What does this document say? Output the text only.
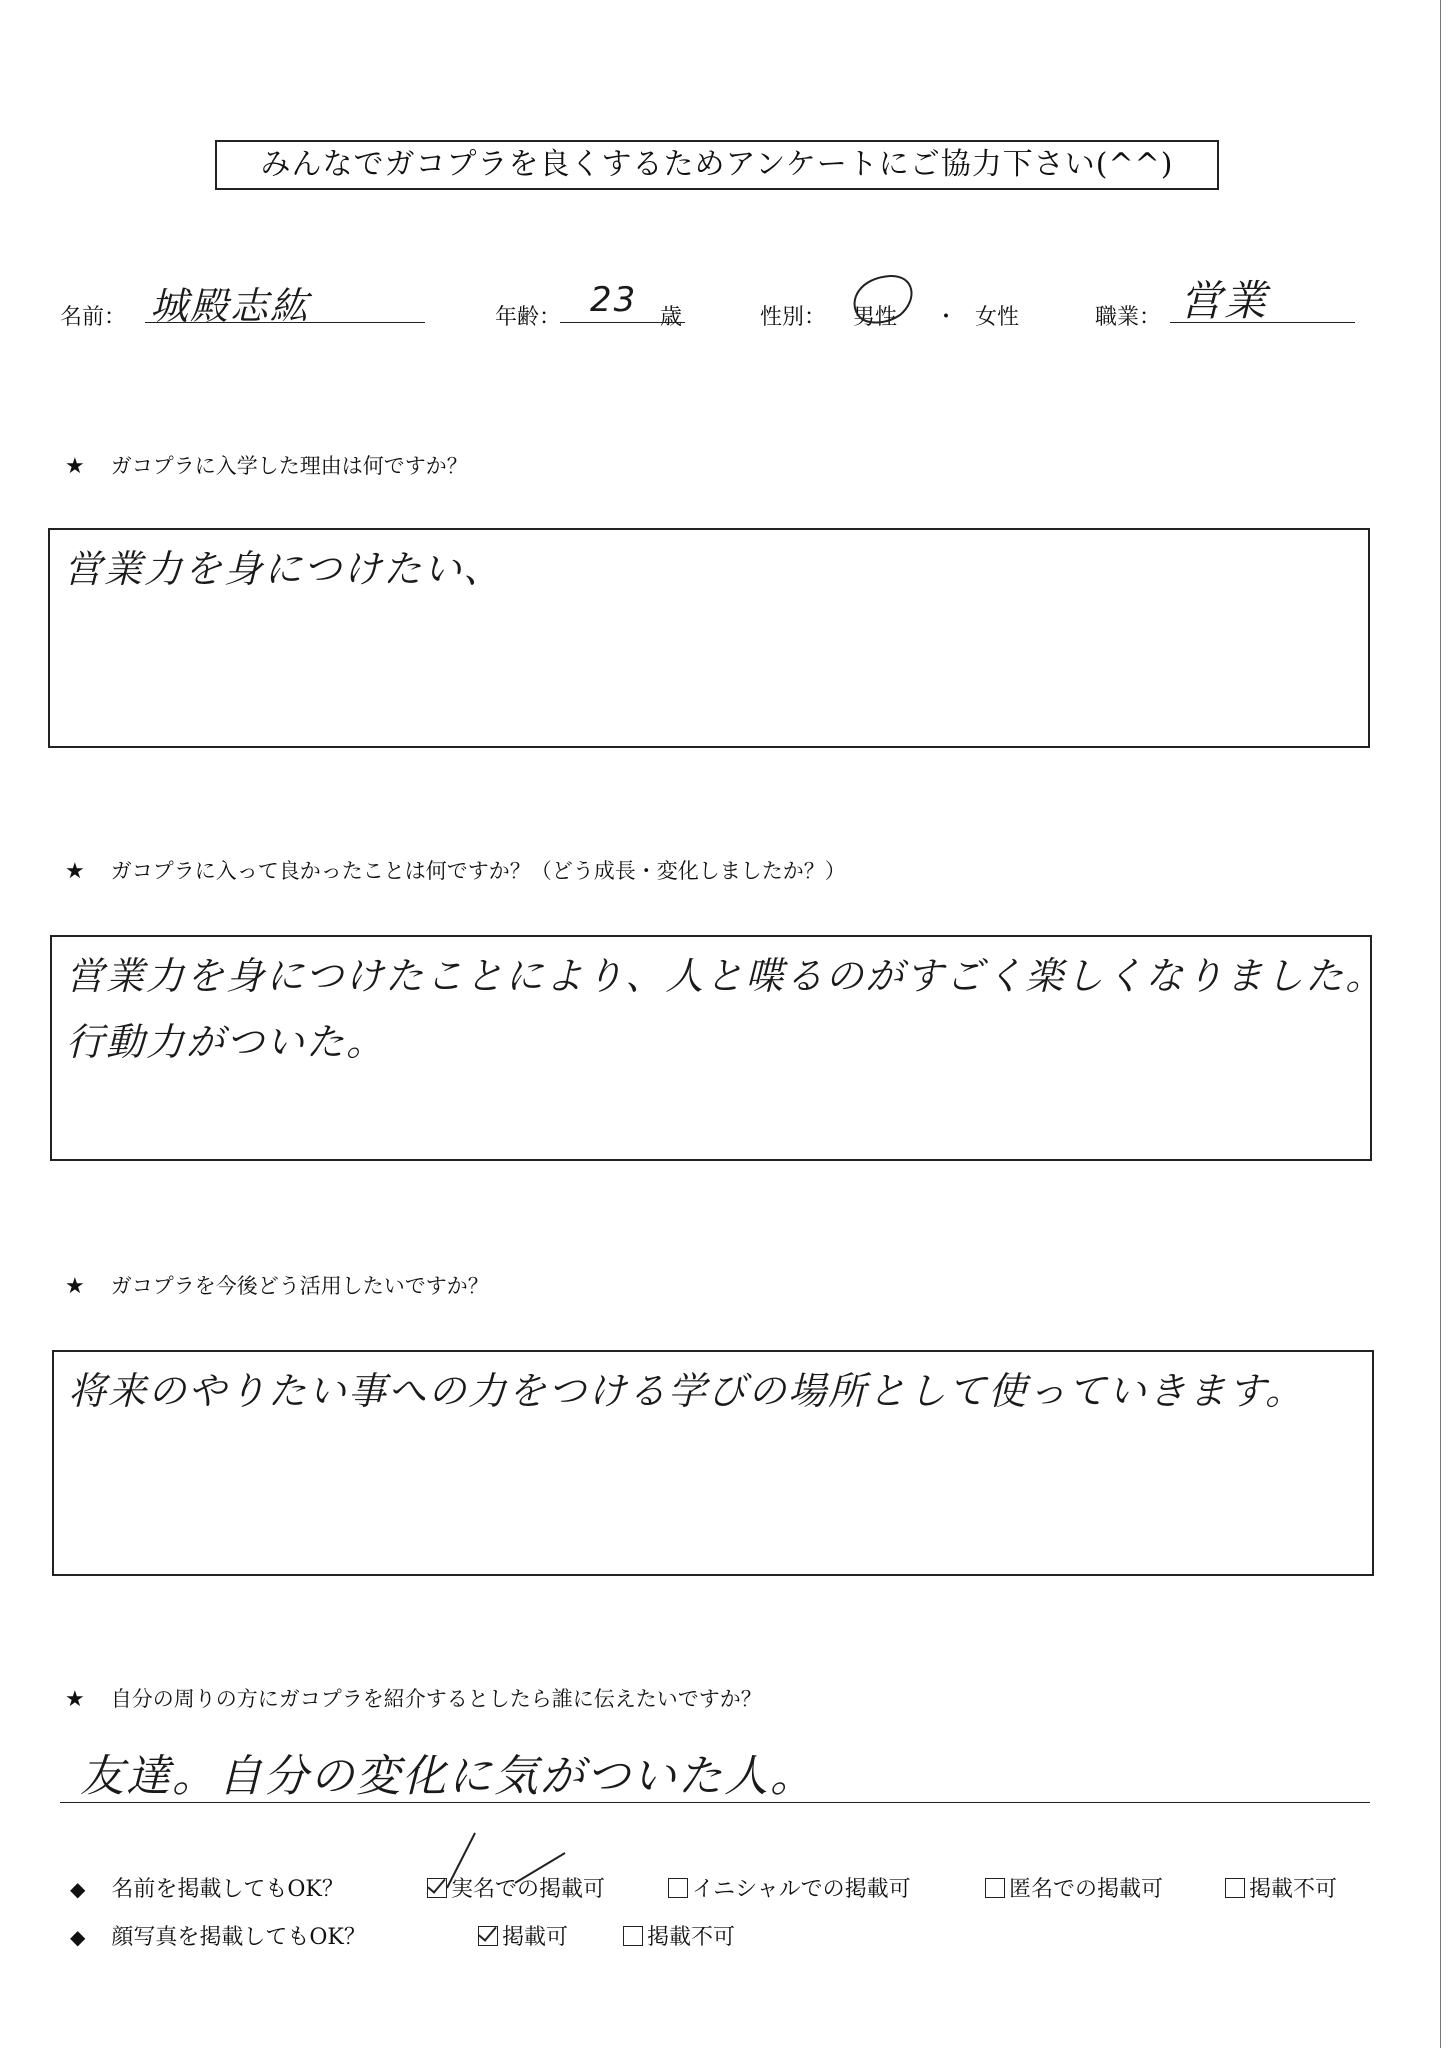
みんなでガコプラを良くするためアンケートにご協力下さい(^^)
名前： 城殿志紘	年齢： 23 歳	性別： 男性 ・ 女性	職業： 営業
★ ガコプラに入学した理由は何ですか？
営業力を身につけたい、
★ ガコプラに入って良かったことは何ですか？（どう成長・変化しましたか？）
営業力を身につけたことにより、人と喋るのがすごく楽しくなりました。
行動力がついた。
★ ガコプラを今後どう活用したいですか？
将来のやりたい事への力をつける学びの場所として使っていきます。
★ 自分の周りの方にガコプラを紹介するとしたら誰に伝えたいですか？
友達。自分の変化に気がついた人。
◆ 名前を掲載してもOK？	実名での掲載可	イニシャルでの掲載可	匿名での掲載可	掲載不可
◆ 顔写真を掲載してもOK？	掲載可	掲載不可
